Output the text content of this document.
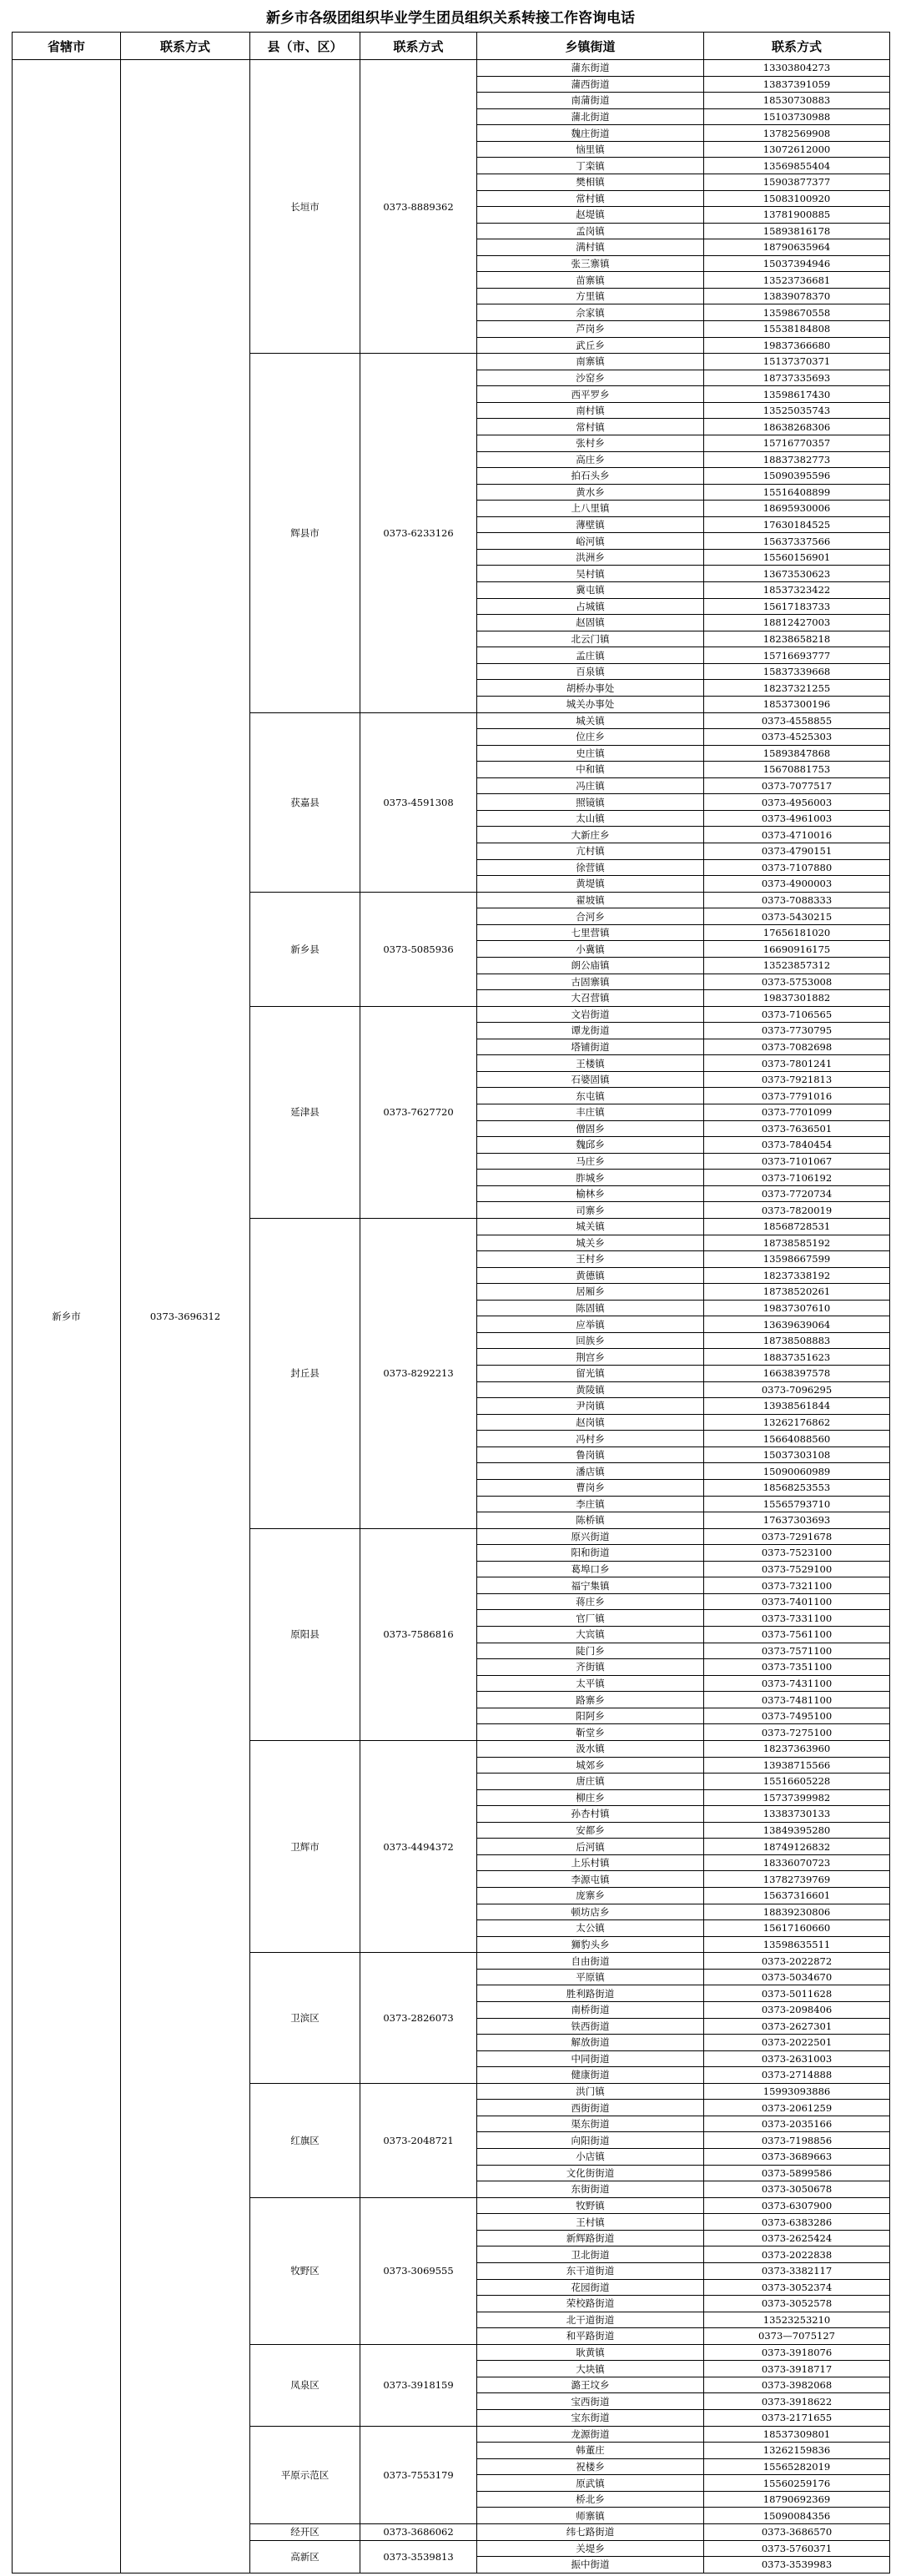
新乡市各级团组织毕业学生团员组织关系转接工作咨询电话
省辖市	联系方式	县（市、区）	联系方式	乡镇街道	联系方式
新乡市	0373-3696312	长垣市	0373-8889362	蒲东街道	13303804273
				蒲西街道	13837391059
				南蒲街道	18530730883
				蒲北街道	15103730988
				魏庄街道	13782569908
				恼里镇	13072612000
				丁栾镇	13569855404
				樊相镇	15903877377
				常村镇	15083100920
				赵堤镇	13781900885
				孟岗镇	15893816178
				满村镇	18790635964
				张三寨镇	15037394946
				苗寨镇	13523736681
				方里镇	13839078370
				佘家镇	13598670558
				芦岗乡	15538184808
				武丘乡	19837366680
		辉县市	0373-6233126	南寨镇	15137370371
				沙窑乡	18737335693
				西平罗乡	13598617430
				南村镇	13525035743
				常村镇	18638268306
				张村乡	15716770357
				高庄乡	18837382773
				拍石头乡	15090395596
				黄水乡	15516408899
				上八里镇	18695930006
				薄壁镇	17630184525
				峪河镇	15637337566
				洪洲乡	15560156901
				吴村镇	13673530623
				冀屯镇	18537323422
				占城镇	15617183733
				赵固镇	18812427003
				北云门镇	18238658218
				孟庄镇	15716693777
				百泉镇	15837339668
				胡桥办事处	18237321255
				城关办事处	18537300196
		获嘉县	0373-4591308	城关镇	0373-4558855
				位庄乡	0373-4525303
				史庄镇	15893847868
				中和镇	15670881753
				冯庄镇	0373-7077517
				照镜镇	0373-4956003
				太山镇	0373-4961003
				大新庄乡	0373-4710016
				亢村镇	0373-4790151
				徐营镇	0373-7107880
				黄堤镇	0373-4900003
		新乡县	0373-5085936	翟坡镇	0373-7088333
				合河乡	0373-5430215
				七里营镇	17656181020
				小冀镇	16690916175
				朗公庙镇	13523857312
				古固寨镇	0373-5753008
				大召营镇	19837301882
		延津县	0373-7627720	文岩街道	0373-7106565
				谭龙街道	0373-7730795
				塔铺街道	0373-7082698
				王楼镇	0373-7801241
				石婆固镇	0373-7921813
				东屯镇	0373-7791016
				丰庄镇	0373-7701099
				僧固乡	0373-7636501
				魏邱乡	0373-7840454
				马庄乡	0373-7101067
				胙城乡	0373-7106192
				榆林乡	0373-7720734
				司寨乡	0373-7820019
		封丘县	0373-8292213	城关镇	18568728531
				城关乡	18738585192
				王村乡	13598667599
				黄德镇	18237338192
				居厢乡	18738520261
				陈固镇	19837307610
				应举镇	13639639064
				回族乡	18738508883
				荆宫乡	18837351623
				留光镇	16638397578
				黄陵镇	0373-7096295
				尹岗镇	13938561844
				赵岗镇	13262176862
				冯村乡	15664088560
				鲁岗镇	15037303108
				潘店镇	15090060989
				曹岗乡	18568253553
				李庄镇	15565793710
				陈桥镇	17637303693
		原阳县	0373-7586816	原兴街道	0373-7291678
				阳和街道	0373-7523100
				葛埠口乡	0373-7529100
				福宁集镇	0373-7321100
				蒋庄乡	0373-7401100
				官厂镇	0373-7331100
				大宾镇	0373-7561100
				陡门乡	0373-7571100
				齐街镇	0373-7351100
				太平镇	0373-7431100
				路寨乡	0373-7481100
				阳阿乡	0373-7495100
				靳堂乡	0373-7275100
		卫辉市	0373-4494372	汲水镇	18237363960
				城郊乡	13938715566
				唐庄镇	15516605228
				柳庄乡	15737399982
				孙杏村镇	13383730133
				安都乡	13849395280
				后河镇	18749126832
				上乐村镇	18336070723
				李源屯镇	13782739769
				庞寨乡	15637316601
				顿坊店乡	18839230806
				太公镇	15617160660
				狮豹头乡	13598635511
		卫滨区	0373-2826073	自由街道	0373-2022872
				平原镇	0373-5034670
				胜利路街道	0373-5011628
				南桥街道	0373-2098406
				铁西街道	0373-2627301
				解放街道	0373-2022501
				中同街道	0373-2631003
				健康街道	0373-2714888
		红旗区	0373-2048721	洪门镇	15993093886
				西街街道	0373-2061259
				渠东街道	0373-2035166
				向阳街道	0373-7198856
				小店镇	0373-3689663
				文化街街道	0373-5899586
				东街街道	0373-3050678
		牧野区	0373-3069555	牧野镇	0373-6307900
				王村镇	0373-6383286
				新辉路街道	0373-2625424
				卫北街道	0373-2022838
				东干道街道	0373-3382117
				花园街道	0373-3052374
				荣校路街道	0373-3052578
				北干道街道	13523253210
				和平路街道	0373—7075127
		凤泉区	0373-3918159	耿黄镇	0373-3918076
				大块镇	0373-3918717
				潞王坟乡	0373-3982068
				宝西街道	0373-3918622
				宝东街道	0373-2171655
		平原示范区	0373-7553179	龙源街道	18537309801
				韩董庄	13262159836
				祝楼乡	15565282019
				原武镇	15560259176
				桥北乡	18790692369
				师寨镇	15090084356
		经开区	0373-3686062	纬七路街道	0373-3686570
		高新区	0373-3539813	关堤乡	0373-5760371
				振中街道	0373-3539983
